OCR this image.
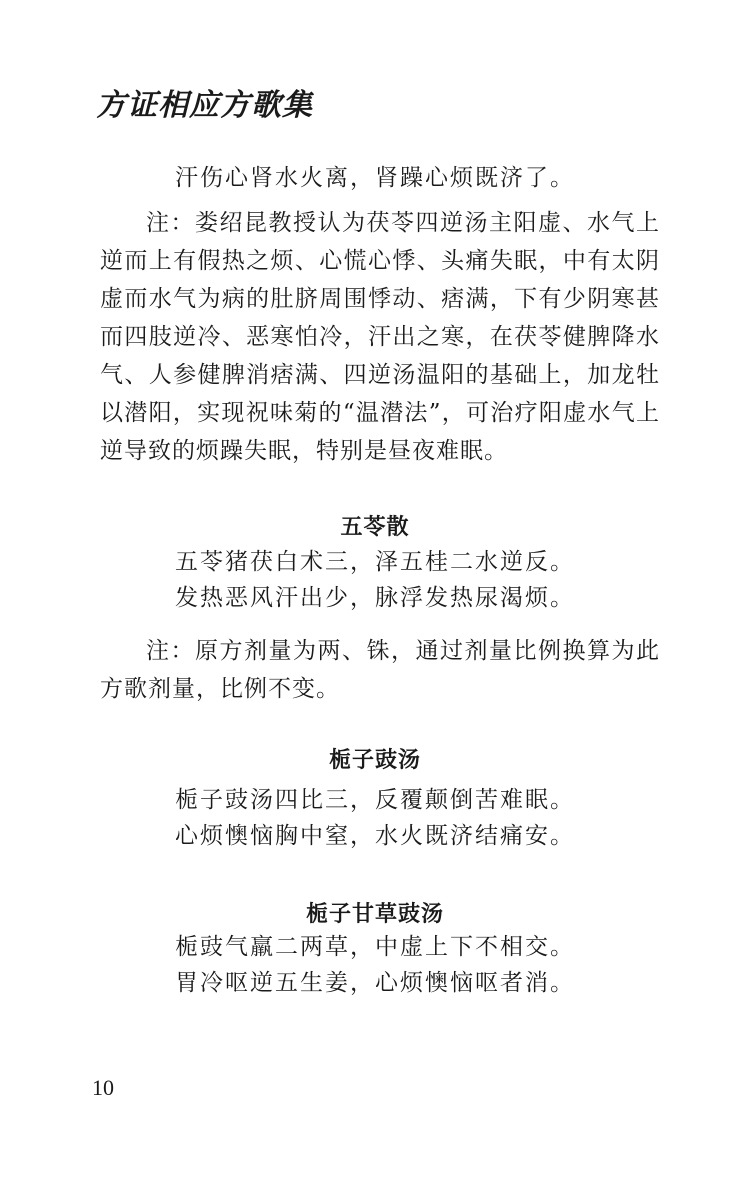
方证相应方歌集
汗伤心肾水火离，肾躁心烦既济了。

注：娄绍昆教授认为茯苓四逆汤主阳虚、水气上逆而上有假热之烦、心慌心悸、头痛失眠，中有太阴虚而水气为病的肚脐周围悸动、痞满，下有少阴寒甚而四肢逆冷、恶寒怕冷，汗出之寒，在茯苓健脾降水气、人参健脾消痞满、四逆汤温阳的基础上，加龙牡以潜阳，实现祝味菊的“温潜法”，可治疗阳虚水气上逆导致的烦躁失眠，特别是昼夜难眠。

五苓散
五苓猪茯白术三，泽五桂二水逆反。
发热恶风汗出少，脉浮发热尿渴烦。

注：原方剂量为两、铢，通过剂量比例换算为此方歌剂量，比例不变。

栀子豉汤
栀子豉汤四比三，反覆颠倒苦难眠。
心烦懊恼胸中窒，水火既济结痛安。
栀子甘草豉汤
栀豉气羸二两草，中虚上下不相交。
胃冷呕逆五生姜，心烦懊恼呕者消。
10
